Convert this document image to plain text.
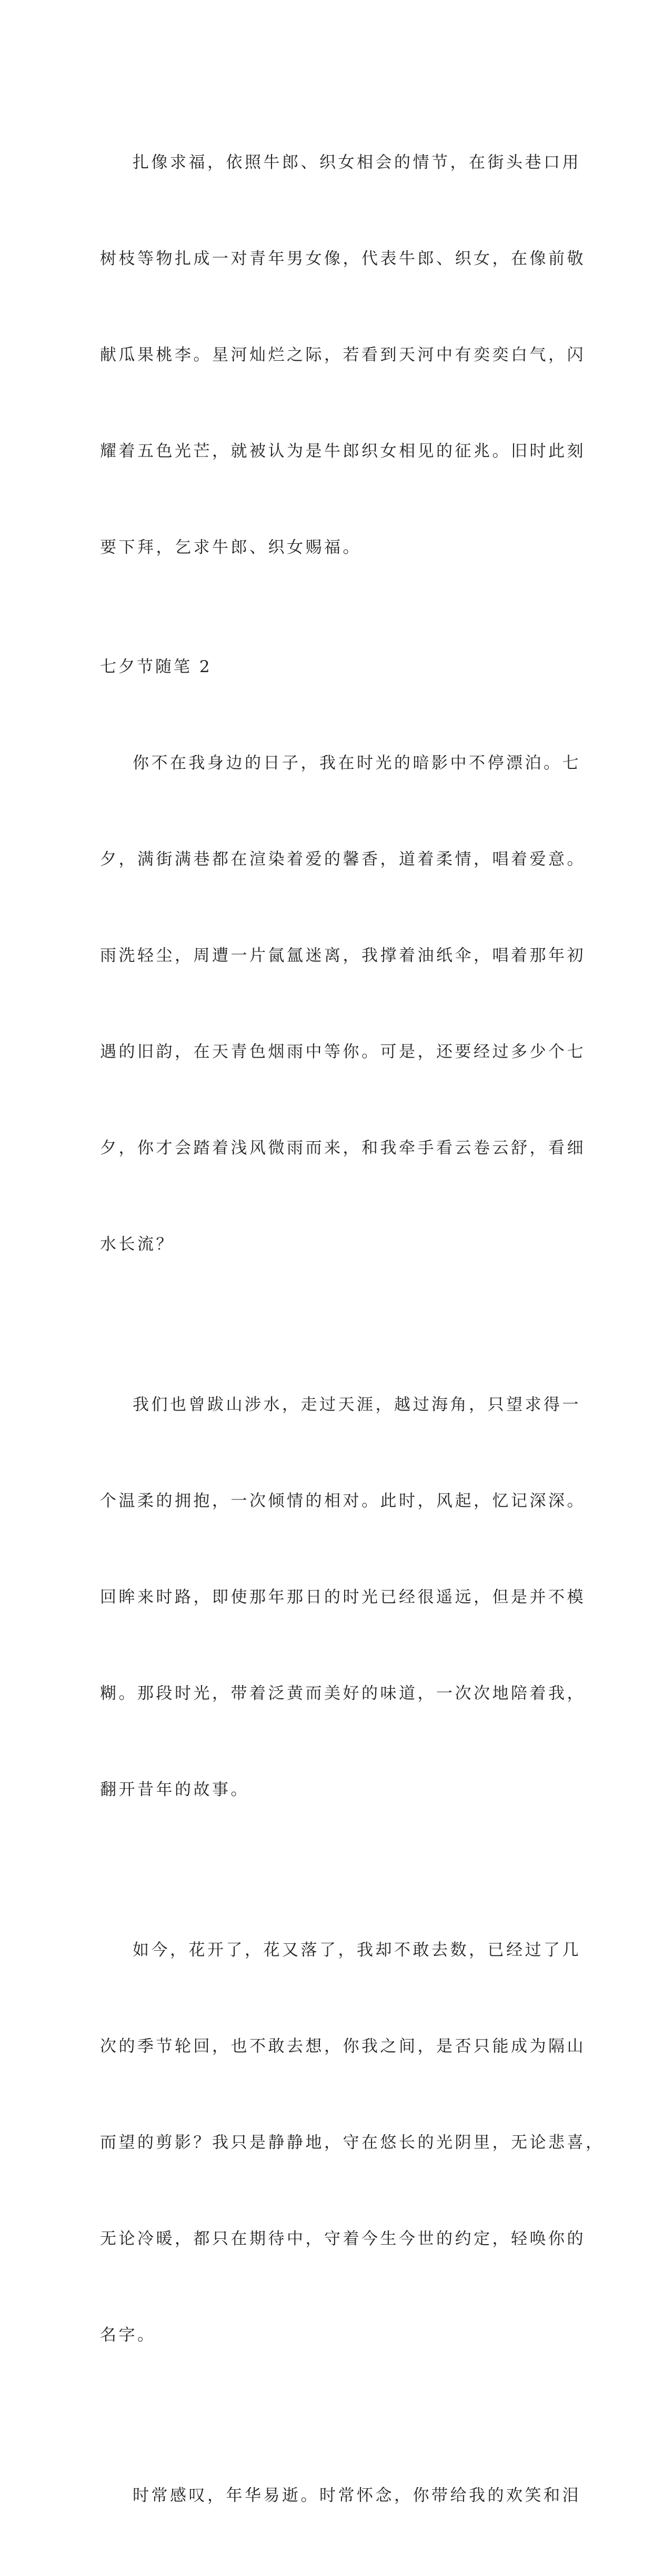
扎像求福，依照牛郎、织女相会的情节，在街头巷口用

树枝等物扎成一对青年男女像，代表牛郎、织女，在像前敬

献瓜果桃李。星河灿烂之际，若看到天河中有奕奕白气，闪

耀着五色光芒，就被认为是牛郎织女相见的征兆。旧时此刻

要下拜，乞求牛郎、织女赐福。

七夕节随笔 2

你不在我身边的日子，我在时光的暗影中不停漂泊。七

夕，满街满巷都在渲染着爱的馨香，道着柔情，唱着爱意。

雨洗轻尘，周遭一片氤氲迷离，我撑着油纸伞，唱着那年初

遇的旧韵，在天青色烟雨中等你。可是，还要经过多少个七

夕，你才会踏着浅风微雨而来，和我牵手看云卷云舒，看细

水长流？

我们也曾跋山涉水，走过天涯，越过海角，只望求得一

个温柔的拥抱，一次倾情的相对。此时，风起，忆记深深。

回眸来时路，即使那年那日的时光已经很遥远，但是并不模

糊。那段时光，带着泛黄而美好的味道，一次次地陪着我，

翻开昔年的故事。

如今，花开了，花又落了，我却不敢去数，已经过了几

次的季节轮回，也不敢去想，你我之间，是否只能成为隔山

而望的剪影？我只是静静地，守在悠长的光阴里，无论悲喜，

无论冷暖，都只在期待中，守着今生今世的约定，轻唤你的

名字。

时常感叹，年华易逝。时常怀念，你带给我的欢笑和泪
